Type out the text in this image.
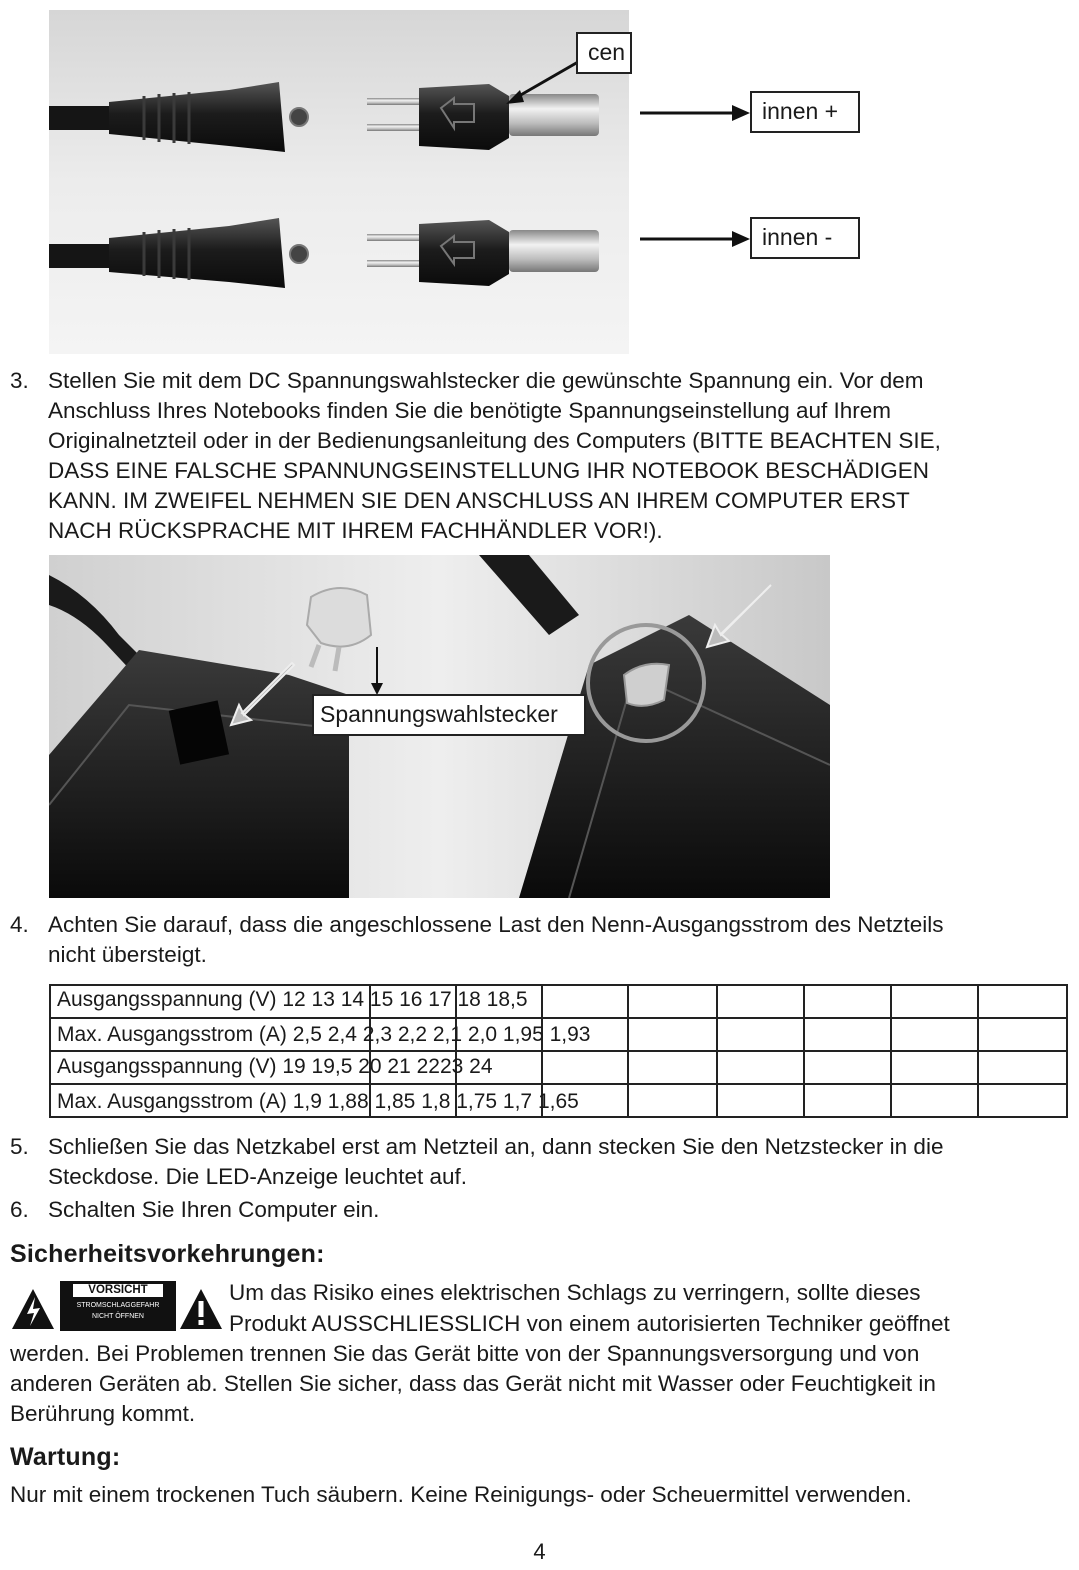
cen
innen +
innen -
3. Stellen Sie mit dem DC Spannungswahlstecker die gewünschte Spannung ein. Vor dem
Anschluss Ihres Notebooks finden Sie die benötigte Spannungseinstellung auf Ihrem
Originalnetzteil oder in der Bedienungsanleitung des Computers (BITTE BEACHTEN SIE,
DASS EINE FALSCHE SPANNUNGSEINSTELLUNG IHR NOTEBOOK BESCHÄDIGEN
KANN. IM ZWEIFEL NEHMEN SIE DEN ANSCHLUSS AN IHREM COMPUTER ERST
NACH RÜCKSPRACHE MIT IHREM FACHHÄNDLER VOR!).
Spannungswahlstecker
4. Achten Sie darauf, dass die angeschlossene Last den Nenn-Ausgangsstrom des Netzteils
nicht übersteigt.

Ausgangsspannung (V) 12 13 14 15 16 17 18 18,5
Max. Ausgangsstrom (A) 2,5 2,4 2,3 2,2 2,1 2,0 1,95 1,93
Ausgangsspannung (V) 19 19,5 20 21 2223 24
Max. Ausgangsstrom (A) 1,9 1,88 1,85 1,8 1,75 1,7 1,65
5. Schließen Sie das Netzkabel erst am Netzteil an, dann stecken Sie den Netzstecker in die
Steckdose. Die LED-Anzeige leuchtet auf.
6. Schalten Sie Ihren Computer ein.
Sicherheitsvorkehrungen:
VORSICHT
STROMSCHLAGGEFAHR
NICHT ÖFFNEN
Um das Risiko eines elektrischen Schlags zu verringern, sollte dieses
Produkt AUSSCHLIESSLICH von einem autorisierten Techniker geöffnet
werden. Bei Problemen trennen Sie das Gerät bitte von der Spannungsversorgung und von
anderen Geräten ab. Stellen Sie sicher, dass das Gerät nicht mit Wasser oder Feuchtigkeit in
Berührung kommt.
Wartung:
Nur mit einem trockenen Tuch säubern. Keine Reinigungs- oder Scheuermittel verwenden.
4
